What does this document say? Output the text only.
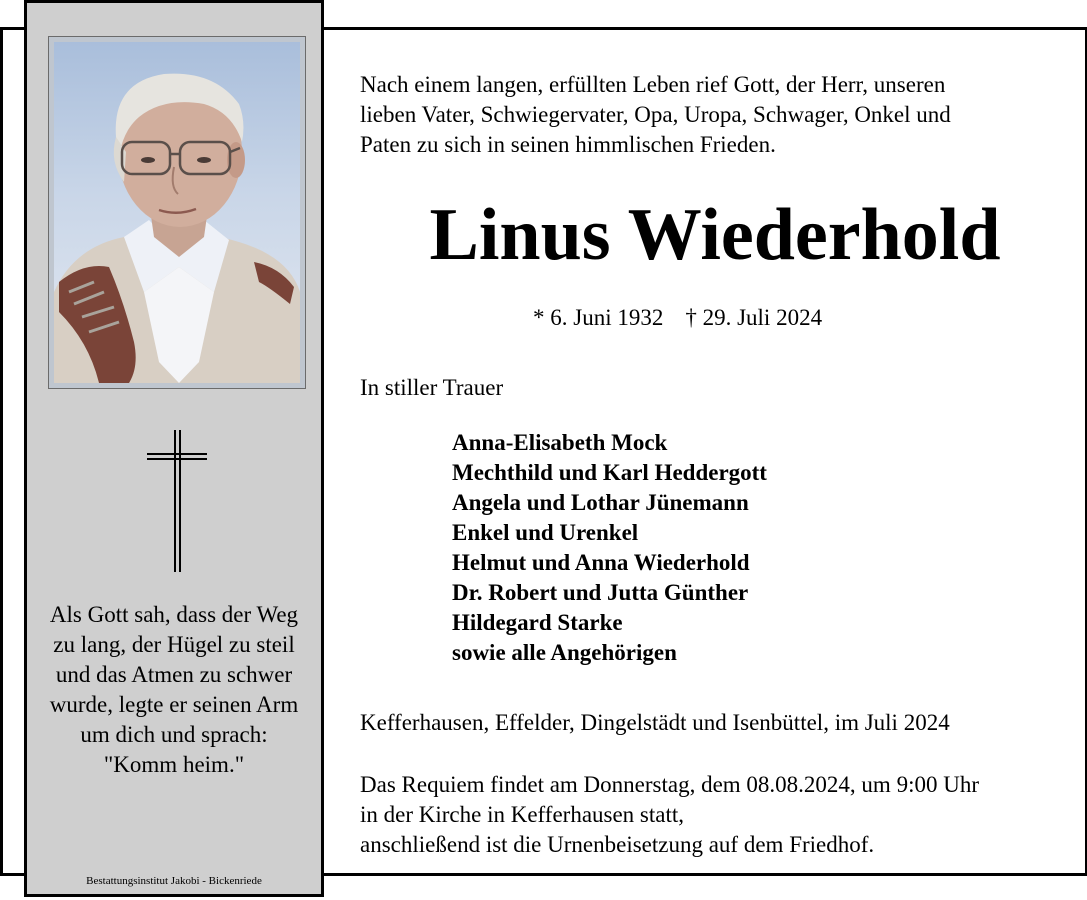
Als Gott sah, dass der Weg
zu lang, der Hügel zu steil
und das Atmen zu schwer
wurde, legte er seinen Arm
um dich und sprach:
"Komm heim."
Bestattungsinstitut Jakobi - Bickenriede
Nach einem langen, erfüllten Leben rief Gott, der Herr, unseren
lieben Vater, Schwiegervater, Opa, Uropa, Schwager, Onkel und
Paten zu sich in seinen himmlischen Frieden.
Linus Wiederhold
* 6. Juni 1932 † 29. Juli 2024
In stiller Trauer
Anna-Elisabeth Mock
Mechthild und Karl Heddergott
Angela und Lothar Jünemann
Enkel und Urenkel
Helmut und Anna Wiederhold
Dr. Robert und Jutta Günther
Hildegard Starke
sowie alle Angehörigen
Kefferhausen, Effelder, Dingelstädt und Isenbüttel, im Juli 2024
Das Requiem findet am Donnerstag, dem 08.08.2024, um 9:00 Uhr
in der Kirche in Kefferhausen statt,
anschließend ist die Urnenbeisetzung auf dem Friedhof.
